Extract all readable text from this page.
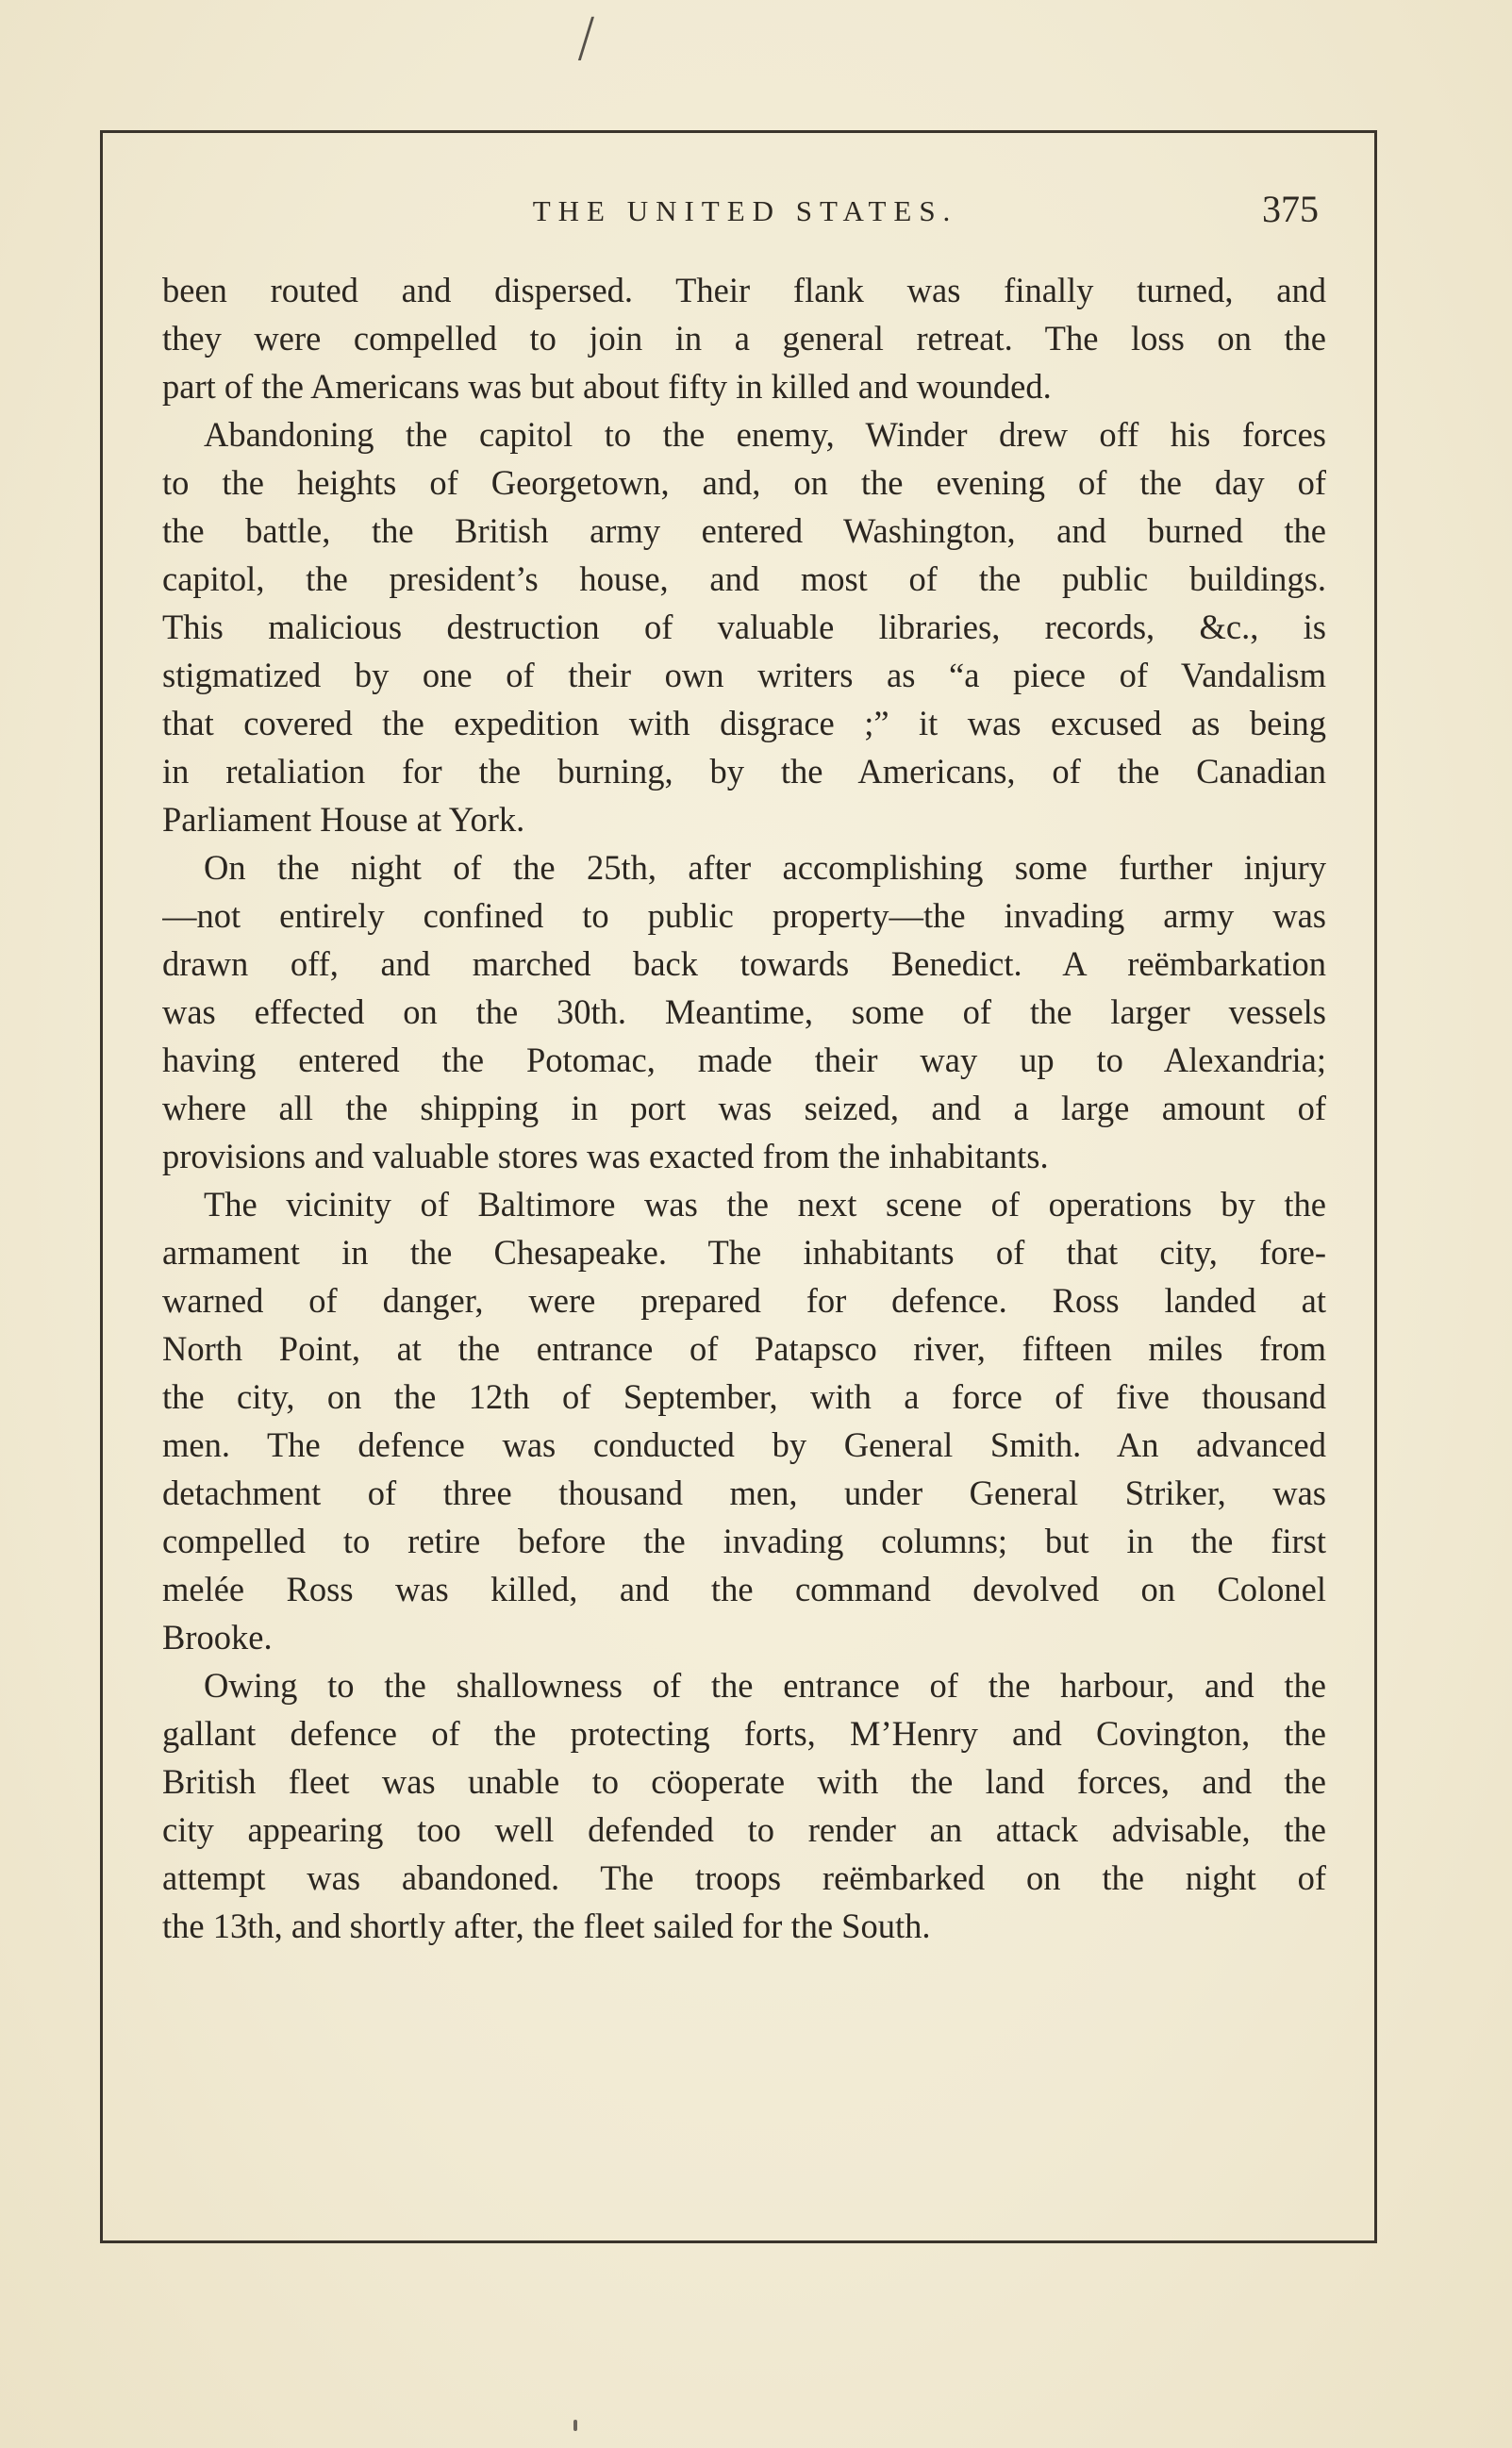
/
THE UNITED STATES.	375
been routed and dispersed. Their flank was finally turned, and
they were compelled to join in a general retreat. The loss on the
part of the Americans was but about fifty in killed and wounded.
Abandoning the capitol to the enemy, Winder drew off his forces
to the heights of Georgetown, and, on the evening of the day of
the battle, the British army entered Washington, and burned the
capitol, the president’s house, and most of the public buildings.
This malicious destruction of valuable libraries, records, &c., is
stigmatized by one of their own writers as “a piece of Vandalism
that covered the expedition with disgrace ;” it was excused as being
in retaliation for the burning, by the Americans, of the Canadian
Parliament House at York.
On the night of the 25th, after accomplishing some further injury
—not entirely confined to public property—the invading army was
drawn off, and marched back towards Benedict. A reëmbarkation
was effected on the 30th. Meantime, some of the larger vessels
having entered the Potomac, made their way up to Alexandria;
where all the shipping in port was seized, and a large amount of
provisions and valuable stores was exacted from the inhabitants.
The vicinity of Baltimore was the next scene of operations by the
armament in the Chesapeake. The inhabitants of that city, fore-
warned of danger, were prepared for defence. Ross landed at
North Point, at the entrance of Patapsco river, fifteen miles from
the city, on the 12th of September, with a force of five thousand
men. The defence was conducted by General Smith. An advanced
detachment of three thousand men, under General Striker, was
compelled to retire before the invading columns; but in the first
melée Ross was killed, and the command devolved on Colonel
Brooke.
Owing to the shallowness of the entrance of the harbour, and the
gallant defence of the protecting forts, M’Henry and Covington, the
British fleet was unable to cöoperate with the land forces, and the
city appearing too well defended to render an attack advisable, the
attempt was abandoned. The troops reëmbarked on the night of
the 13th, and shortly after, the fleet sailed for the South.
